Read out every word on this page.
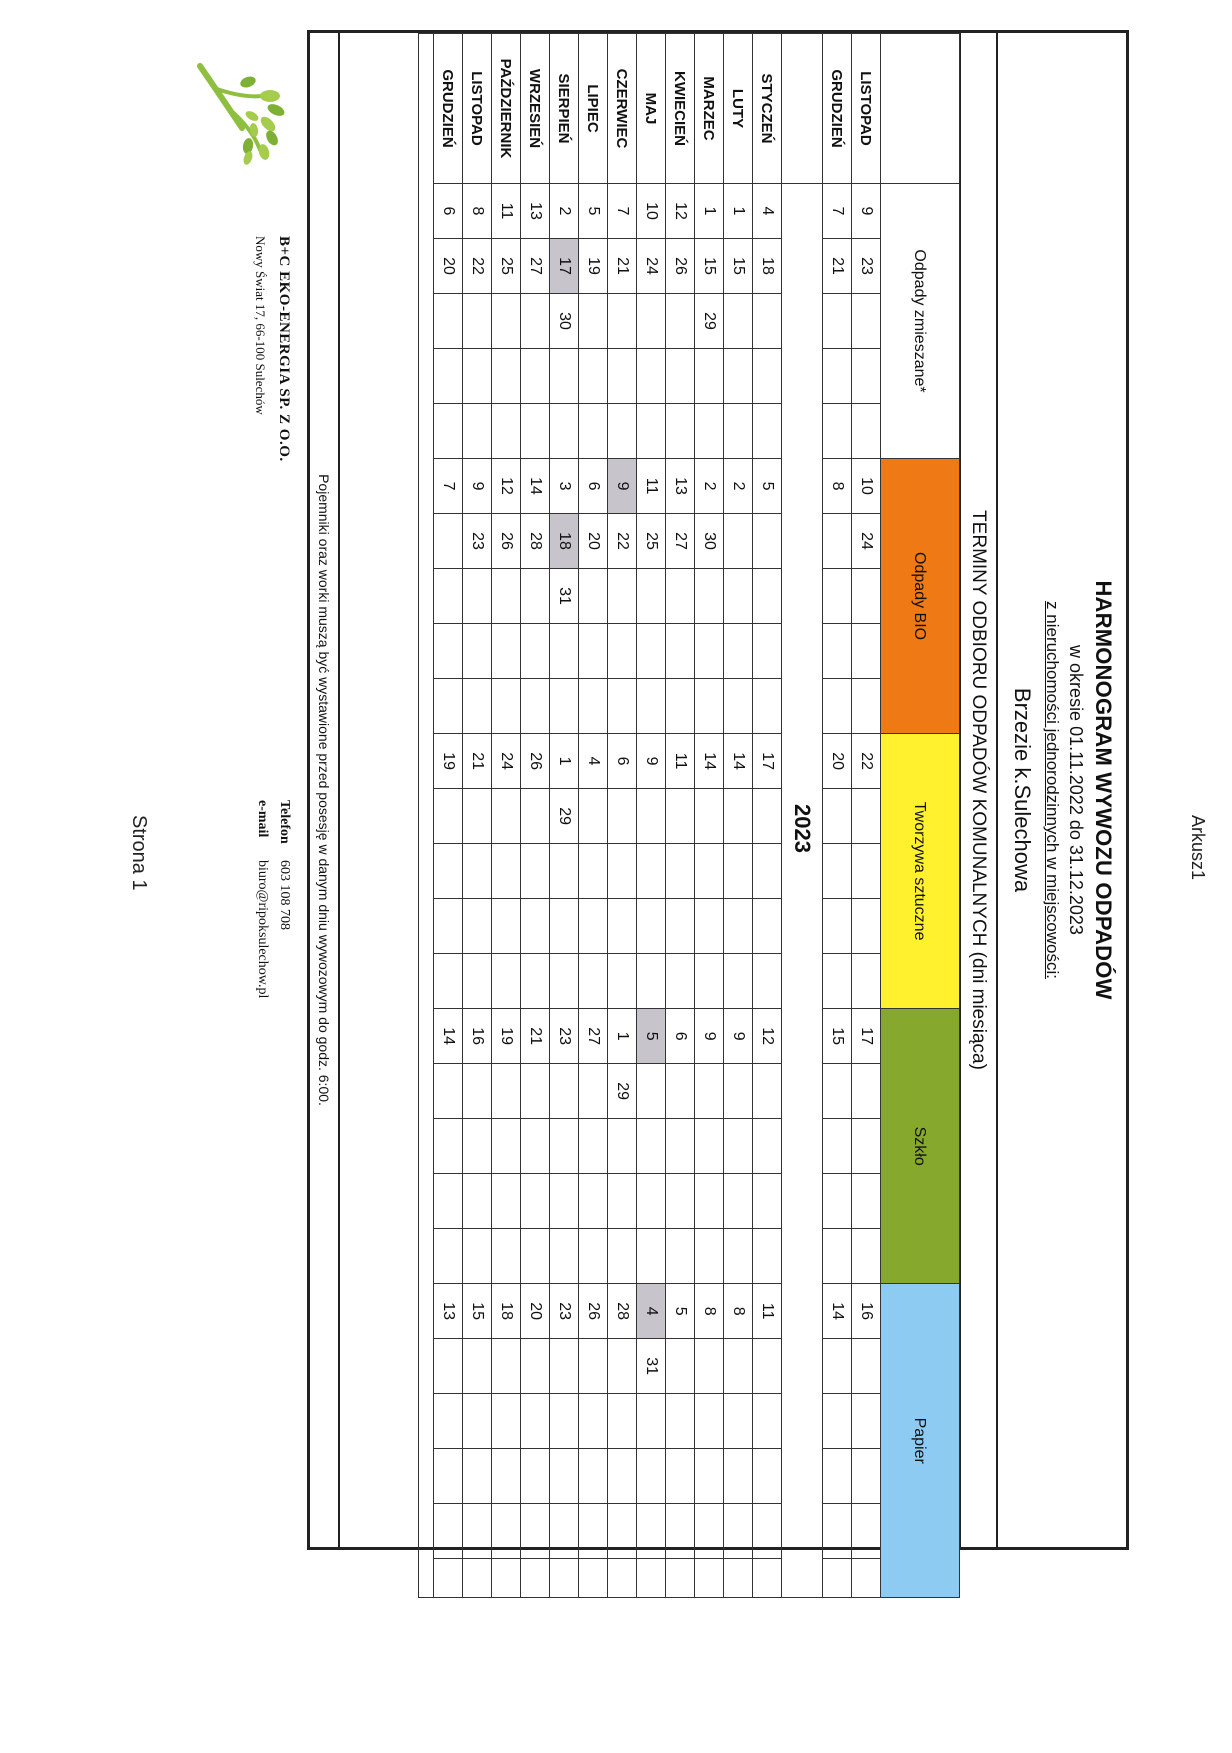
Arkusz1
HARMONOGRAM WYWOZU ODPADÓW
w okresie 01.11.2022 do 31.12.2023
z nieruchomości jednorodzinnych w miejscowości:
Brzezie k.Sulechowa
TERMINY ODBIORU ODPADÓW KOMUNALNYCH (dni miesiąca)
	Odpady zmieszane*					Odpady BIO					Tworzywa sztuczne					Szkło					Papier					
LISTOPAD	9	23				10	24				22					17					16					
GRUDZIEŃ	7	21				8					20					15					14					
	2023																									
STYCZEŃ	4	18				5					17					12					11					
LUTY	1	15				2					14					9					8					
MARZEC	1	15	29			2	30				14					9					8					
KWIECIEŃ	12	26				13	27				11					6					5					
MAJ	10	24				11	25				9					5					4	31				
CZERWIEC	7	21				9	22				6					1	29				28					
LIPIEC	5	19				6	20				4					27					26					
SIERPIEŃ	2	17	30			3	18	31			1	29				23					23					
WRZESIEŃ	13	27				14	28				26					21					20					
PAŹDZIERNIK	11	25				12	26				24					19					18					
LISTOPAD	8	22				9	23				21					16					15					
GRUDZIEŃ	6	20				7					19					14					13					

Pojemniki oraz worki muszą być wystawione przed posesję w danym dniu wywozowym do godz. 6:00.
B+C EKO-ENERGIA SP. Z O.O.
Nowy Świat 17, 66-100 Sulechów
Telefon
603 108 708
e-mail
biuro@ripoksulechow.pl
Strona 1
